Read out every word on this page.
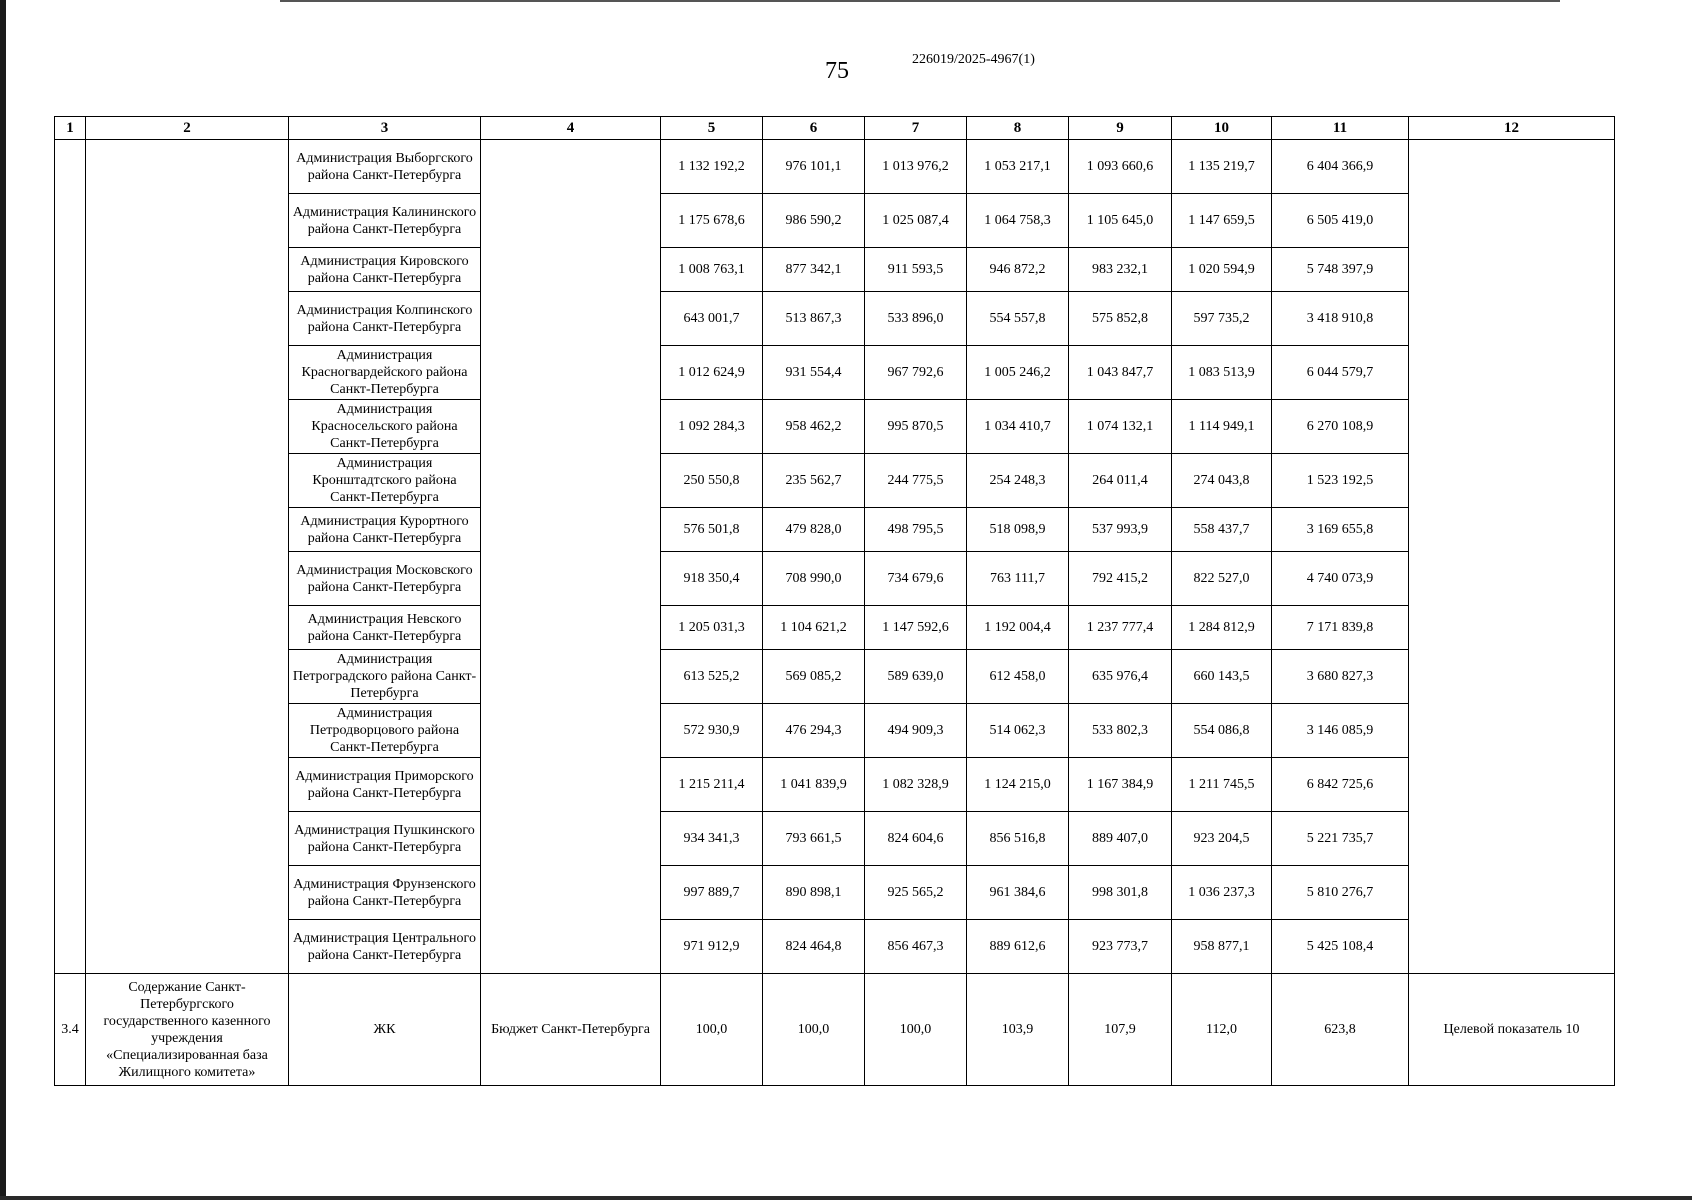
75	226019/2025-4967(1)
1	2	3	4	5	6	7	8	9	10	11	12
		Администрация Выборгского района Санкт-Петербурга		1 132 192,2	976 101,1	1 013 976,2	1 053 217,1	1 093 660,6	1 135 219,7	6 404 366,9	
		Администрация Калининского района Санкт-Петербурга		1 175 678,6	986 590,2	1 025 087,4	1 064 758,3	1 105 645,0	1 147 659,5	6 505 419,0	
		Администрация Кировского района Санкт-Петербурга		1 008 763,1	877 342,1	911 593,5	946 872,2	983 232,1	1 020 594,9	5 748 397,9	
		Администрация Колпинского района Санкт-Петербурга		643 001,7	513 867,3	533 896,0	554 557,8	575 852,8	597 735,2	3 418 910,8	
		Администрация Красногвардейского района Санкт-Петербурга		1 012 624,9	931 554,4	967 792,6	1 005 246,2	1 043 847,7	1 083 513,9	6 044 579,7	
		Администрация Красносельского района Санкт-Петербурга		1 092 284,3	958 462,2	995 870,5	1 034 410,7	1 074 132,1	1 114 949,1	6 270 108,9	
		Администрация Кронштадтского района Санкт-Петербурга		250 550,8	235 562,7	244 775,5	254 248,3	264 011,4	274 043,8	1 523 192,5	
		Администрация Курортного района Санкт-Петербурга		576 501,8	479 828,0	498 795,5	518 098,9	537 993,9	558 437,7	3 169 655,8	
		Администрация Московского района Санкт-Петербурга		918 350,4	708 990,0	734 679,6	763 111,7	792 415,2	822 527,0	4 740 073,9	
		Администрация Невского района Санкт-Петербурга		1 205 031,3	1 104 621,2	1 147 592,6	1 192 004,4	1 237 777,4	1 284 812,9	7 171 839,8	
		Администрация Петроградского района Санкт-Петербурга		613 525,2	569 085,2	589 639,0	612 458,0	635 976,4	660 143,5	3 680 827,3	
		Администрация Петродворцового района Санкт-Петербурга		572 930,9	476 294,3	494 909,3	514 062,3	533 802,3	554 086,8	3 146 085,9	
		Администрация Приморского района Санкт-Петербурга		1 215 211,4	1 041 839,9	1 082 328,9	1 124 215,0	1 167 384,9	1 211 745,5	6 842 725,6	
		Администрация Пушкинского района Санкт-Петербурга		934 341,3	793 661,5	824 604,6	856 516,8	889 407,0	923 204,5	5 221 735,7	
		Администрация Фрунзенского района Санкт-Петербурга		997 889,7	890 898,1	925 565,2	961 384,6	998 301,8	1 036 237,3	5 810 276,7	
		Администрация Центрального района Санкт-Петербурга		971 912,9	824 464,8	856 467,3	889 612,6	923 773,7	958 877,1	5 425 108,4	
3.4	Содержание Санкт-Петербургского государственного казенного учреждения «Специализированная база Жилищного комитета»	ЖК	Бюджет Санкт-Петербурга	100,0	100,0	100,0	103,9	107,9	112,0	623,8	Целевой показатель 10
